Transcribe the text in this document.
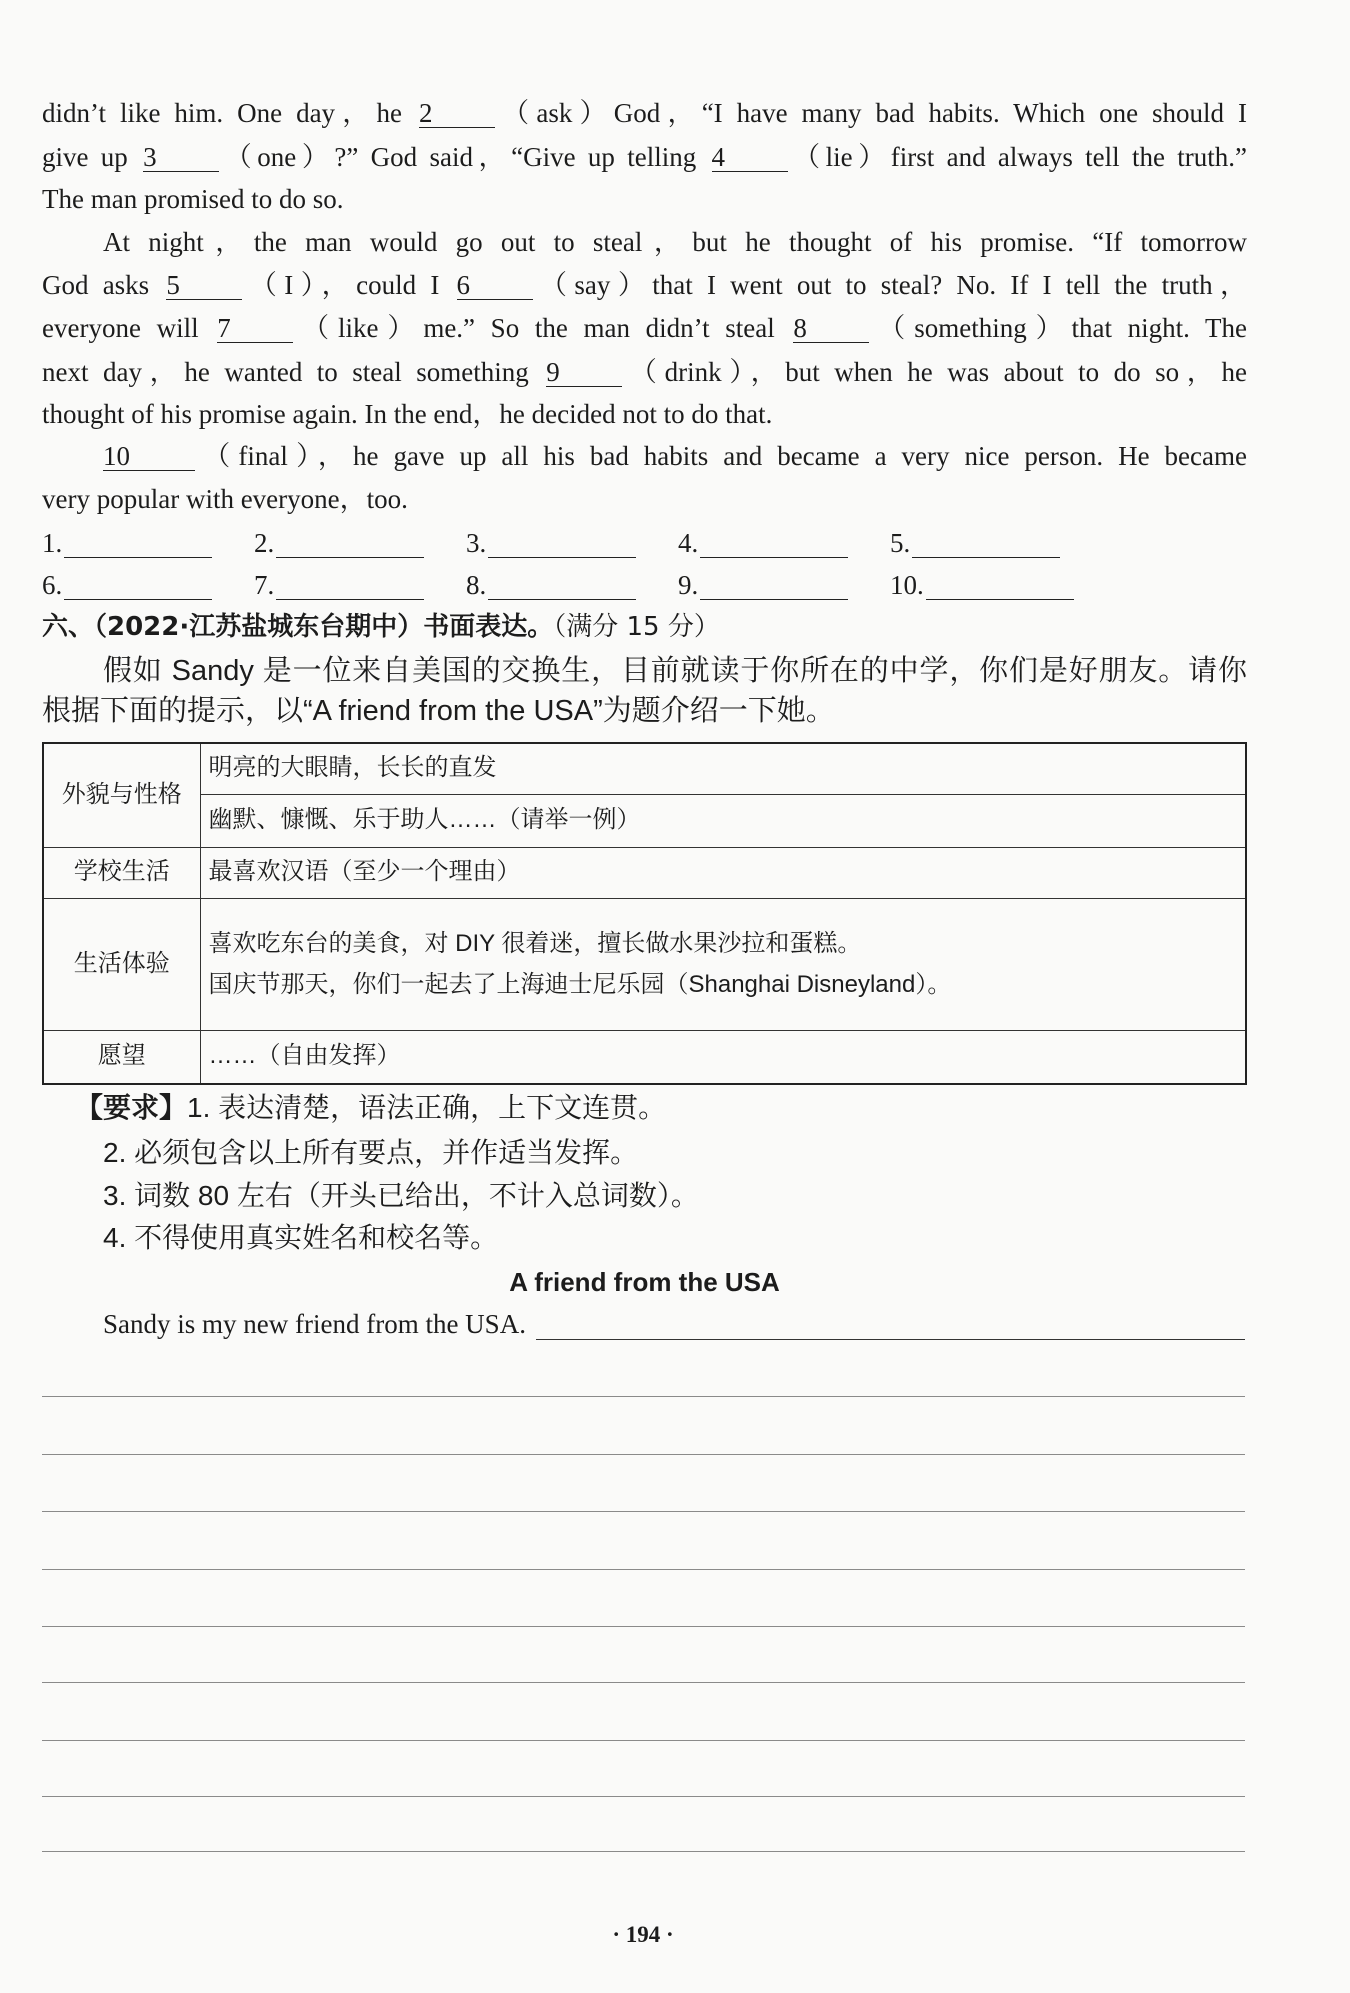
didn’t like him. One day，he 2 （ask）God，“I have many bad habits. Which one should I
give up 3 （one）?” God said，“Give up telling 4 （lie）first and always tell the truth.”
The man promised to do so.
At night，the man would go out to steal，but he thought of his promise. “If tomorrow
God asks 5 （I），could I 6 （say）that I went out to steal? No. If I tell the truth，
everyone will 7 （like）me.” So the man didn’t steal 8 （something）that night. The
next day，he wanted to steal something 9 （drink），but when he was about to do so，he
thought of his promise again. In the end，he decided not to do that.
10 （final），he gave up all his bad habits and became a very nice person. He became
very popular with everyone，too.
1.	2.	3.	4.	5.
6.	7.	8.	9.	10.
六、（2022·江苏盐城东台期中）书面表达。（满分 15 分）
假如 Sandy 是一位来自美国的交换生，目前就读于你所在的中学，你们是好朋友。请你
根据下面的提示，以“A friend from the USA”为题介绍一下她。
外貌与性格	明亮的大眼睛，长长的直发
	幽默、慷慨、乐于助人……（请举一例）
学校生活	最喜欢汉语（至少一个理由）
生活体验	喜欢吃东台的美食，对 DIY 很着迷，擅长做水果沙拉和蛋糕。
国庆节那天，你们一起去了上海迪士尼乐园（Shanghai Disneyland）。

愿望	……（自由发挥）
【要求】1. 表达清楚，语法正确，上下文连贯。
2. 必须包含以上所有要点，并作适当发挥。
3. 词数 80 左右（开头已给出，不计入总词数）。
4. 不得使用真实姓名和校名等。
A friend from the USA
Sandy is my new friend from the USA.
· 194 ·
